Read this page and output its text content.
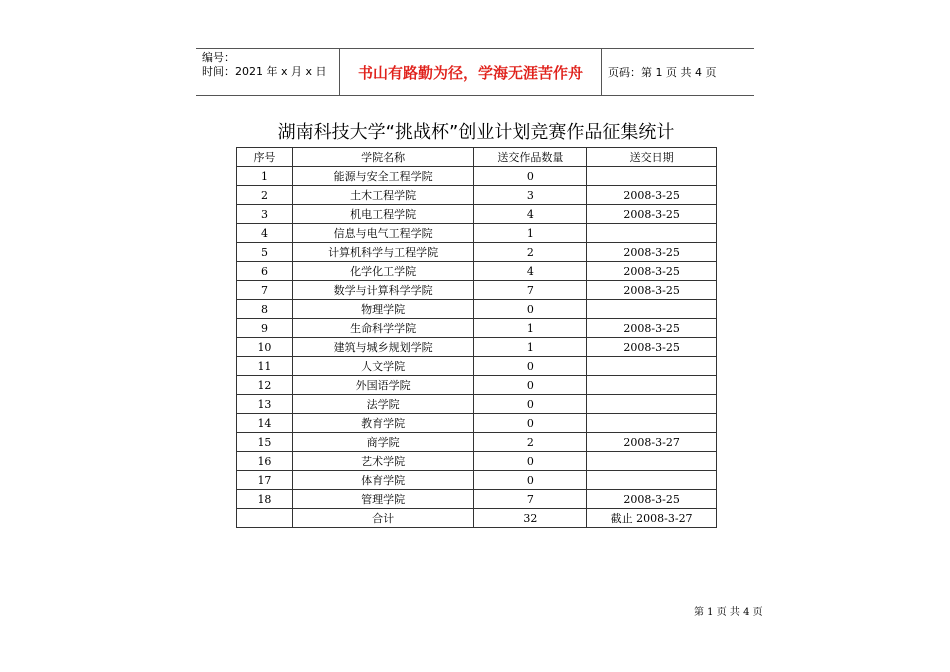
编号：
时间：2021 年 x 月 x 日	书山有路勤为径，学海无涯苦作舟	页码：第 1 页 共 4 页
湖南科技大学“挑战杯”创业计划竞赛作品征集统计
序号	学院名称	送交作品数量	送交日期
1	能源与安全工程学院	0	
2	土木工程学院	3	2008-3-25
3	机电工程学院	4	2008-3-25
4	信息与电气工程学院	1	
5	计算机科学与工程学院	2	2008-3-25
6	化学化工学院	4	2008-3-25
7	数学与计算科学学院	7	2008-3-25
8	物理学院	0	
9	生命科学学院	1	2008-3-25
10	建筑与城乡规划学院	1	2008-3-25
11	人文学院	0	
12	外国语学院	0	
13	法学院	0	
14	教育学院	0	
15	商学院	2	2008-3-27
16	艺术学院	0	
17	体育学院	0	
18	管理学院	7	2008-3-25
	合计	32	截止 2008-3-27
第 1 页 共 4 页
